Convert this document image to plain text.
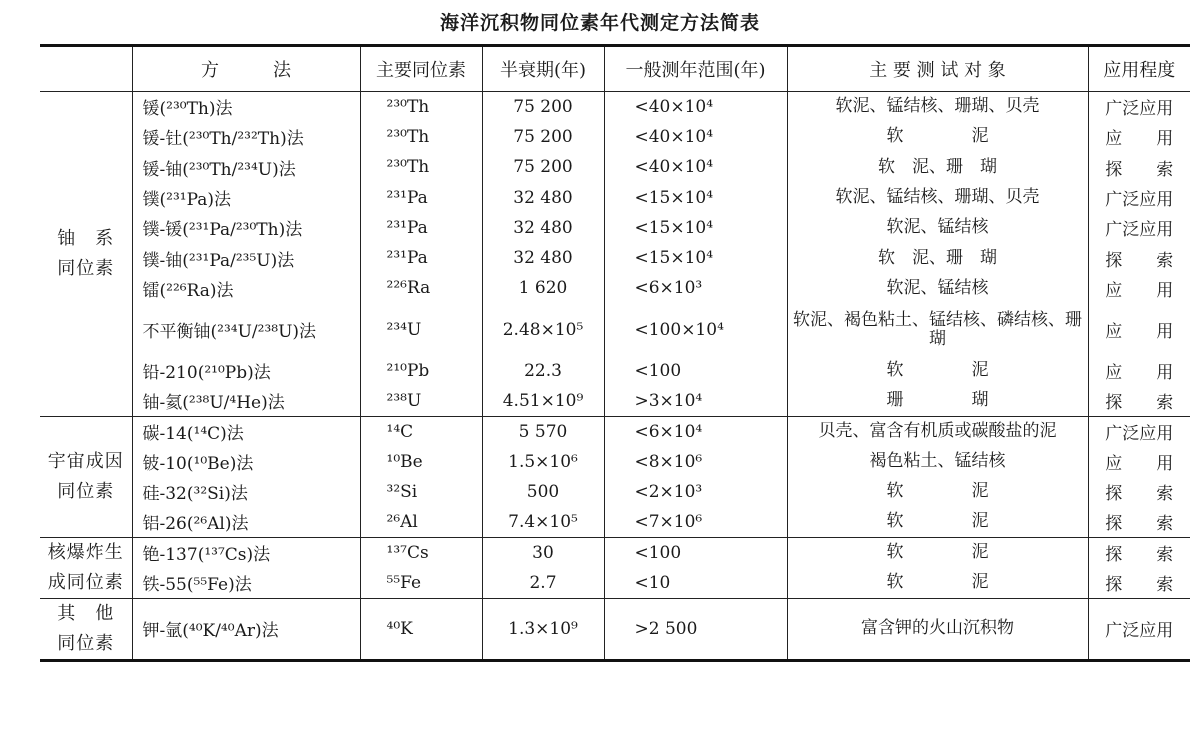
海洋沉积物同位素年代测定方法简表
	方　　　法	主要同位素	半衰期(年)	一般测年范围(年)	主 要 测 试 对 象	应用程度

铀　系
同位素	锾(²³⁰Th)法	²³⁰Th	75 200	<40×10⁴	软泥、锰结核、珊瑚、贝壳	广泛应用
	锾-钍(²³⁰Th/²³²Th)法	²³⁰Th	75 200	<40×10⁴	软　　　　泥	应　　用
	锾-铀(²³⁰Th/²³⁴U)法	²³⁰Th	75 200	<40×10⁴	软　泥、珊　瑚	探　　索
	镤(²³¹Pa)法	²³¹Pa	32 480	<15×10⁴	软泥、锰结核、珊瑚、贝壳	广泛应用
	镤-锾(²³¹Pa/²³⁰Th)法	²³¹Pa	32 480	<15×10⁴	软泥、锰结核	广泛应用
	镤-铀(²³¹Pa/²³⁵U)法	²³¹Pa	32 480	<15×10⁴	软　泥、珊　瑚	探　　索
	镭(²²⁶Ra)法	²²⁶Ra	1 620	<6×10³	软泥、锰结核	应　　用
	不平衡铀(²³⁴U/²³⁸U)法	²³⁴U	2.48×10⁵	<100×10⁴	软泥、褐色粘土、锰结核、磷结核、珊瑚	应　　用
	铅-210(²¹⁰Pb)法	²¹⁰Pb	22.3	<100	软　　　　泥	应　　用
	铀-氦(²³⁸U/⁴He)法	²³⁸U	4.51×10⁹	>3×10⁴	珊　　　　瑚	探　　索

宇宙成因
同位素	碳-14(¹⁴C)法	¹⁴C	5 570	<6×10⁴	贝壳、富含有机质或碳酸盐的泥	广泛应用
	铍-10(¹⁰Be)法	¹⁰Be	1.5×10⁶	<8×10⁶	褐色粘土、锰结核	应　　用
	硅-32(³²Si)法	³²Si	500	<2×10³	软　　　　泥	探　　索
	铝-26(²⁶Al)法	²⁶Al	7.4×10⁵	<7×10⁶	软　　　　泥	探　　索

核爆炸生
成同位素	铯-137(¹³⁷Cs)法	¹³⁷Cs	30	<100	软　　　　泥	探　　索
	铁-55(⁵⁵Fe)法	⁵⁵Fe	2.7	<10	软　　　　泥	探　　索

其　他
同位素	钾-氩(⁴⁰K/⁴⁰Ar)法	⁴⁰K	1.3×10⁹	>2 500	富含钾的火山沉积物	广泛应用
